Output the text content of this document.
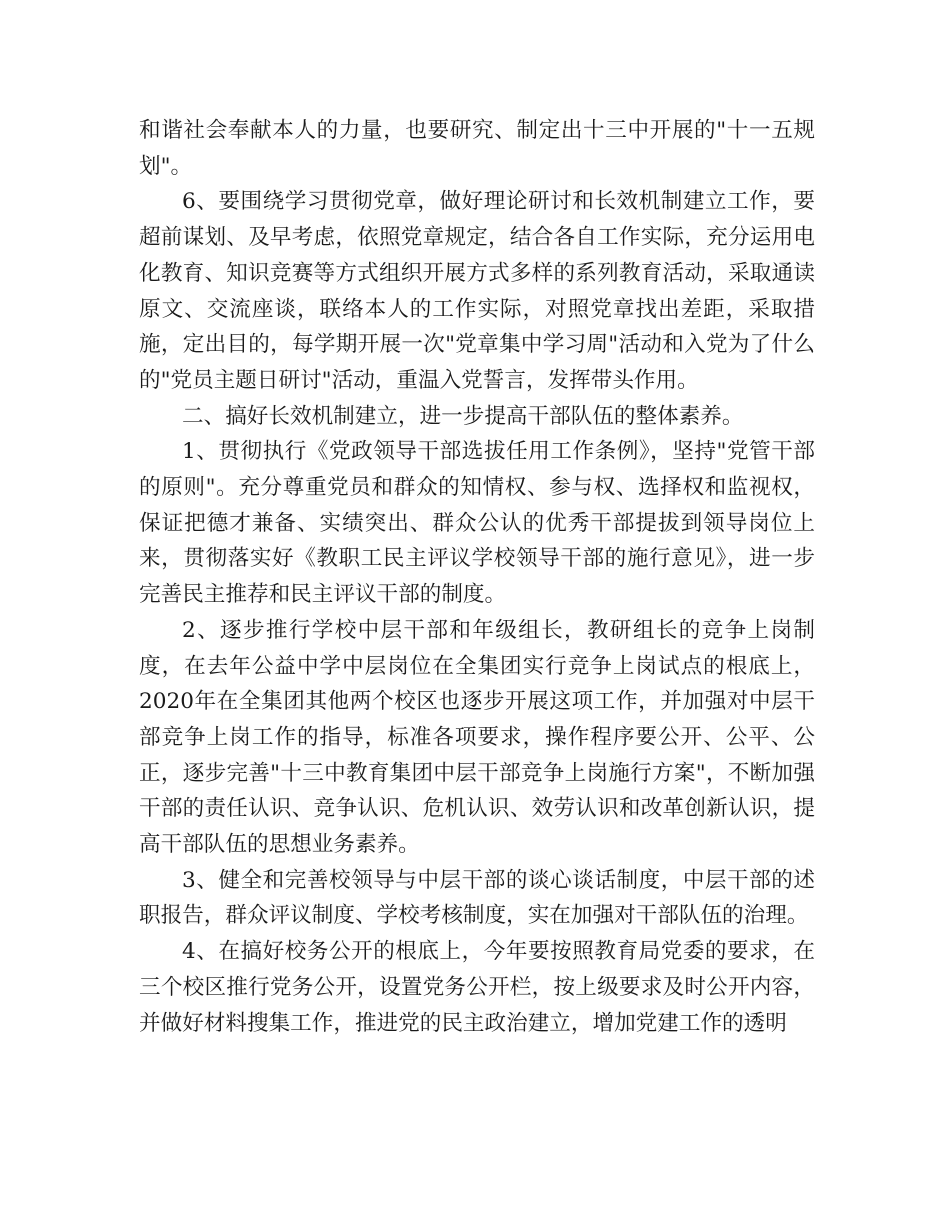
和谐社会奉献本人的力量，也要研究、制定出十三中开展的"十一五规划"。

6、要围绕学习贯彻党章，做好理论研讨和长效机制建立工作，要超前谋划、及早考虑，依照党章规定，结合各自工作实际，充分运用电化教育、知识竞赛等方式组织开展方式多样的系列教育活动，采取通读原文、交流座谈，联络本人的工作实际，对照党章找出差距，采取措施，定出目的，每学期开展一次"党章集中学习周"活动和入党为了什么的"党员主题日研讨"活动，重温入党誓言，发挥带头作用。

二、搞好长效机制建立，进一步提高干部队伍的整体素养。

1、贯彻执行《党政领导干部选拔任用工作条例》，坚持"党管干部的原则"。充分尊重党员和群众的知情权、参与权、选择权和监视权，保证把德才兼备、实绩突出、群众公认的优秀干部提拔到领导岗位上来，贯彻落实好《教职工民主评议学校领导干部的施行意见》，进一步完善民主推荐和民主评议干部的制度。

2、逐步推行学校中层干部和年级组长，教研组长的竞争上岗制度，在去年公益中学中层岗位在全集团实行竞争上岗试点的根底上，2020年在全集团其他两个校区也逐步开展这项工作，并加强对中层干部竞争上岗工作的指导，标准各项要求，操作程序要公开、公平、公正，逐步完善"十三中教育集团中层干部竞争上岗施行方案"，不断加强干部的责任认识、竞争认识、危机认识、效劳认识和改革创新认识，提高干部队伍的思想业务素养。

3、健全和完善校领导与中层干部的谈心谈话制度，中层干部的述职报告，群众评议制度、学校考核制度，实在加强对干部队伍的治理。

4、在搞好校务公开的根底上，今年要按照教育局党委的要求，在三个校区推行党务公开，设置党务公开栏，按上级要求及时公开内容，并做好材料搜集工作，推进党的民主政治建立，增加党建工作的透明
